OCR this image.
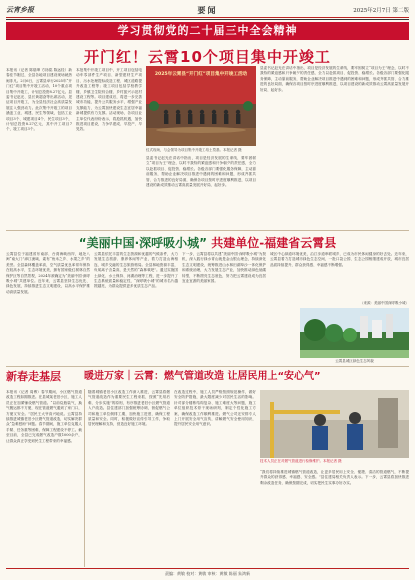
云宵乡报	要闻	2025年2月7日 第二版
学习贯彻党的二十届三中全会精神
开门红！云霄10个项目集中开竣工
本报讯（记者 陈瑞坤 方扬铭 陈远桂）新春佳节刚过，全县各地项目建设现场就热闹非凡。2月6日，云霄县举行2025年“开门红”项目集中开竣工活动，10个重点项目集中开竣工，计划总投资8.27亿元。县委书记赵光、县长黄超奋等出席活动，见证项目开竣工，为全县经济社会高质量发展注入强劲动力。此次集中开竣工的项目涵盖工业、城建、民生等领域，包括工业项目3个、城建项目4个、民生项目3个，计划总投资8.27亿元，其中开工项目7个，竣工项目3个。
本批集中开竣工项目中，开工项目包括电动车零部件生产项目、新型建材生产项目、污水处理提标改造工程、城区道路提升改造工程等；竣工项目包括学校教学楼、乡镇卫生院综合楼、乡村振兴示范村建设工程等。项目建成后，将进一步完善城市功能，提升公共服务水平，增强产业支撑能力，为云霄加快建设生态宜居幸福新城提供有力支撑。活动现场，各项目业主单位代表纷纷表示，将抢抓机遇，加快推进项目建设，力争早建成、早投产、早见效。
2025年云霄县“开门红”项目集中开竣工活动
仪式现场，与会领导为项目集中开竣工培土奠基。本报记者 摄
县委书记赵光在讲话中指出，项目是经济发展的生命线，要牢固树立“项目为王”理念，以时不我待的紧迫感和只争朝夕的责任感，全力以赴抓项目、促投资、稳增长。各级各部门要强化服务保障，主动靠前服务，帮助企业解决项目推进中遇到的困难和问题，形成齐抓共管、合力推进的良好局面，确保各项目按时序进度顺利推进，以项目建设的新成效推动云霄高质量发展开好局、起好步。
县委书记赵光在讲话中指出，项目是经济发展的生命线，要牢固树立“项目为王”理念，以时不我待的紧迫感和只争朝夕的责任感，全力以赴抓项目、促投资、稳增长。各级各部门要强化服务保障，主动靠前服务，帮助企业解决项目推进中遇到的困难和问题，形成齐抓共管、合力推进的良好局面，确保各项目按时序进度顺利推进，以项目建设的新成效推动云霄高质量发展开好局、起好步。
“美丽中国·深呼吸小城” 共建单位-福建省云霄县
云霄县位于福建省东南部、台湾海峡西岸，地处八闽“南大门”漳江流域，素有“鱼米之乡、水果之乡”的美誉。全县森林覆盖率高，空气质量优良率常年保持在较高水平，生态环境优美，拥有国家级红树林自然保护区等自然景观，2024年被确定为“美丽中国·深呼吸小城”共建单位。近年来，云霄县坚持生态优先、绿色发展，持续推进生态文明建设，以高水平保护推动高质量发展。
云霄县依托丰富的生态资源和优越的气候条件，大力发展生态旅游、康养休闲等产业，着力打造山海相连、城乡交融的生态旅游格局。全县林地资源丰富，负氧离子含量高，是天然的“森林氧吧”。通过实施国土绿化、水土保持、河湖治理等工程，进一步提升了生态系统质量和稳定性，“深呼吸小城”的城市名片越擦越亮，为群众提供更多优质生态产品。
下一步，云霄县将以共建“美丽中国·深呼吸小城”为契机，深入践行绿水青山就是金山银山理念，持续深化生态文明建设，统筹推进山水林田湖草沙一体化保护和系统治理，大力发展生态产业，加快推动绿色低碳转型，不断擦亮生态底色，努力把云霄建设成为宜居宜业宜游的美丽家园。
城区中心绿道环境优美，沿江步道串联城乡，已成为市民休闲健身的好去处。近年来，云霄县着力打造城市绿色生态空间，一批口袋公园、生态公园相继建成开放，城市宜居品质持续提升，群众获得感、幸福感不断增强。
（来源：美丽中国深呼吸小城）
云霄县城区绿色生态风貌
新春走基层	暖进万家｜云霄：燃气管道改造 让居民用上“安心气”
本报讯（记者 周博）春节期间，小区燃气管道改造工程如期推进。在县城某老旧小区，施工人员正在加紧铺设燃气管道。“以前烧瓶装气，换气搬运都不方便，现在管道燃气通到了家门口，方便又安全。”居民王大爷高兴地说。云霄县持续推进城镇老旧小区燃气管道改造，切实解决群众“急难愁盼”问题。春节期间，施工单位克服人手紧、任务重等困难，保障工程建设不停工。截至目前，全县已完成燃气改造户数1000余户，让群众真正享受到民生工程带来的幸福感。
随着城镇老旧小区改造工作深入推进，云霄县将燃气管道改造作为重要民生工程来抓，按照“先易后难、分步实施”的原则，有序推进老旧小区燃气管道入户改造。县住建部门加强统筹协调，督促燃气公司和施工单位倒排工期，加快施工进度，确保工程质量和安全。同时，积极做好宣传引导工作，争取居民理解和支持，营造良好施工环境。
在改造过程中，施工人员严格按照规范操作，做好安全防护措施，最大限度减少对居民生活的影响。针对部分楼栋结构复杂、施工难度大等问题，施工单位组织技术骨干现场研判，制定个性化施工方案，确保改造工作顺利推进。燃气公司还安排专人上门开展安全用气宣传，讲解燃气安全使用知识，提升居民安全用气意识。
“我们将持续推进城镇燃气管道改造，让更多居民用上安全、便捷、清洁的管道燃气，不断提升群众的获得感、幸福感、安全感。”县住建局相关负责人表示。下一步，云霄县将加快推进剩余改造任务，确保按期完成，切实把民生实事办好办实。
技术人员正在对燃气管道进行检修维护。本报记者 摄
责编：黄敏 校对：黄敏 审核：黄敏 陈丽 朱鸿新
